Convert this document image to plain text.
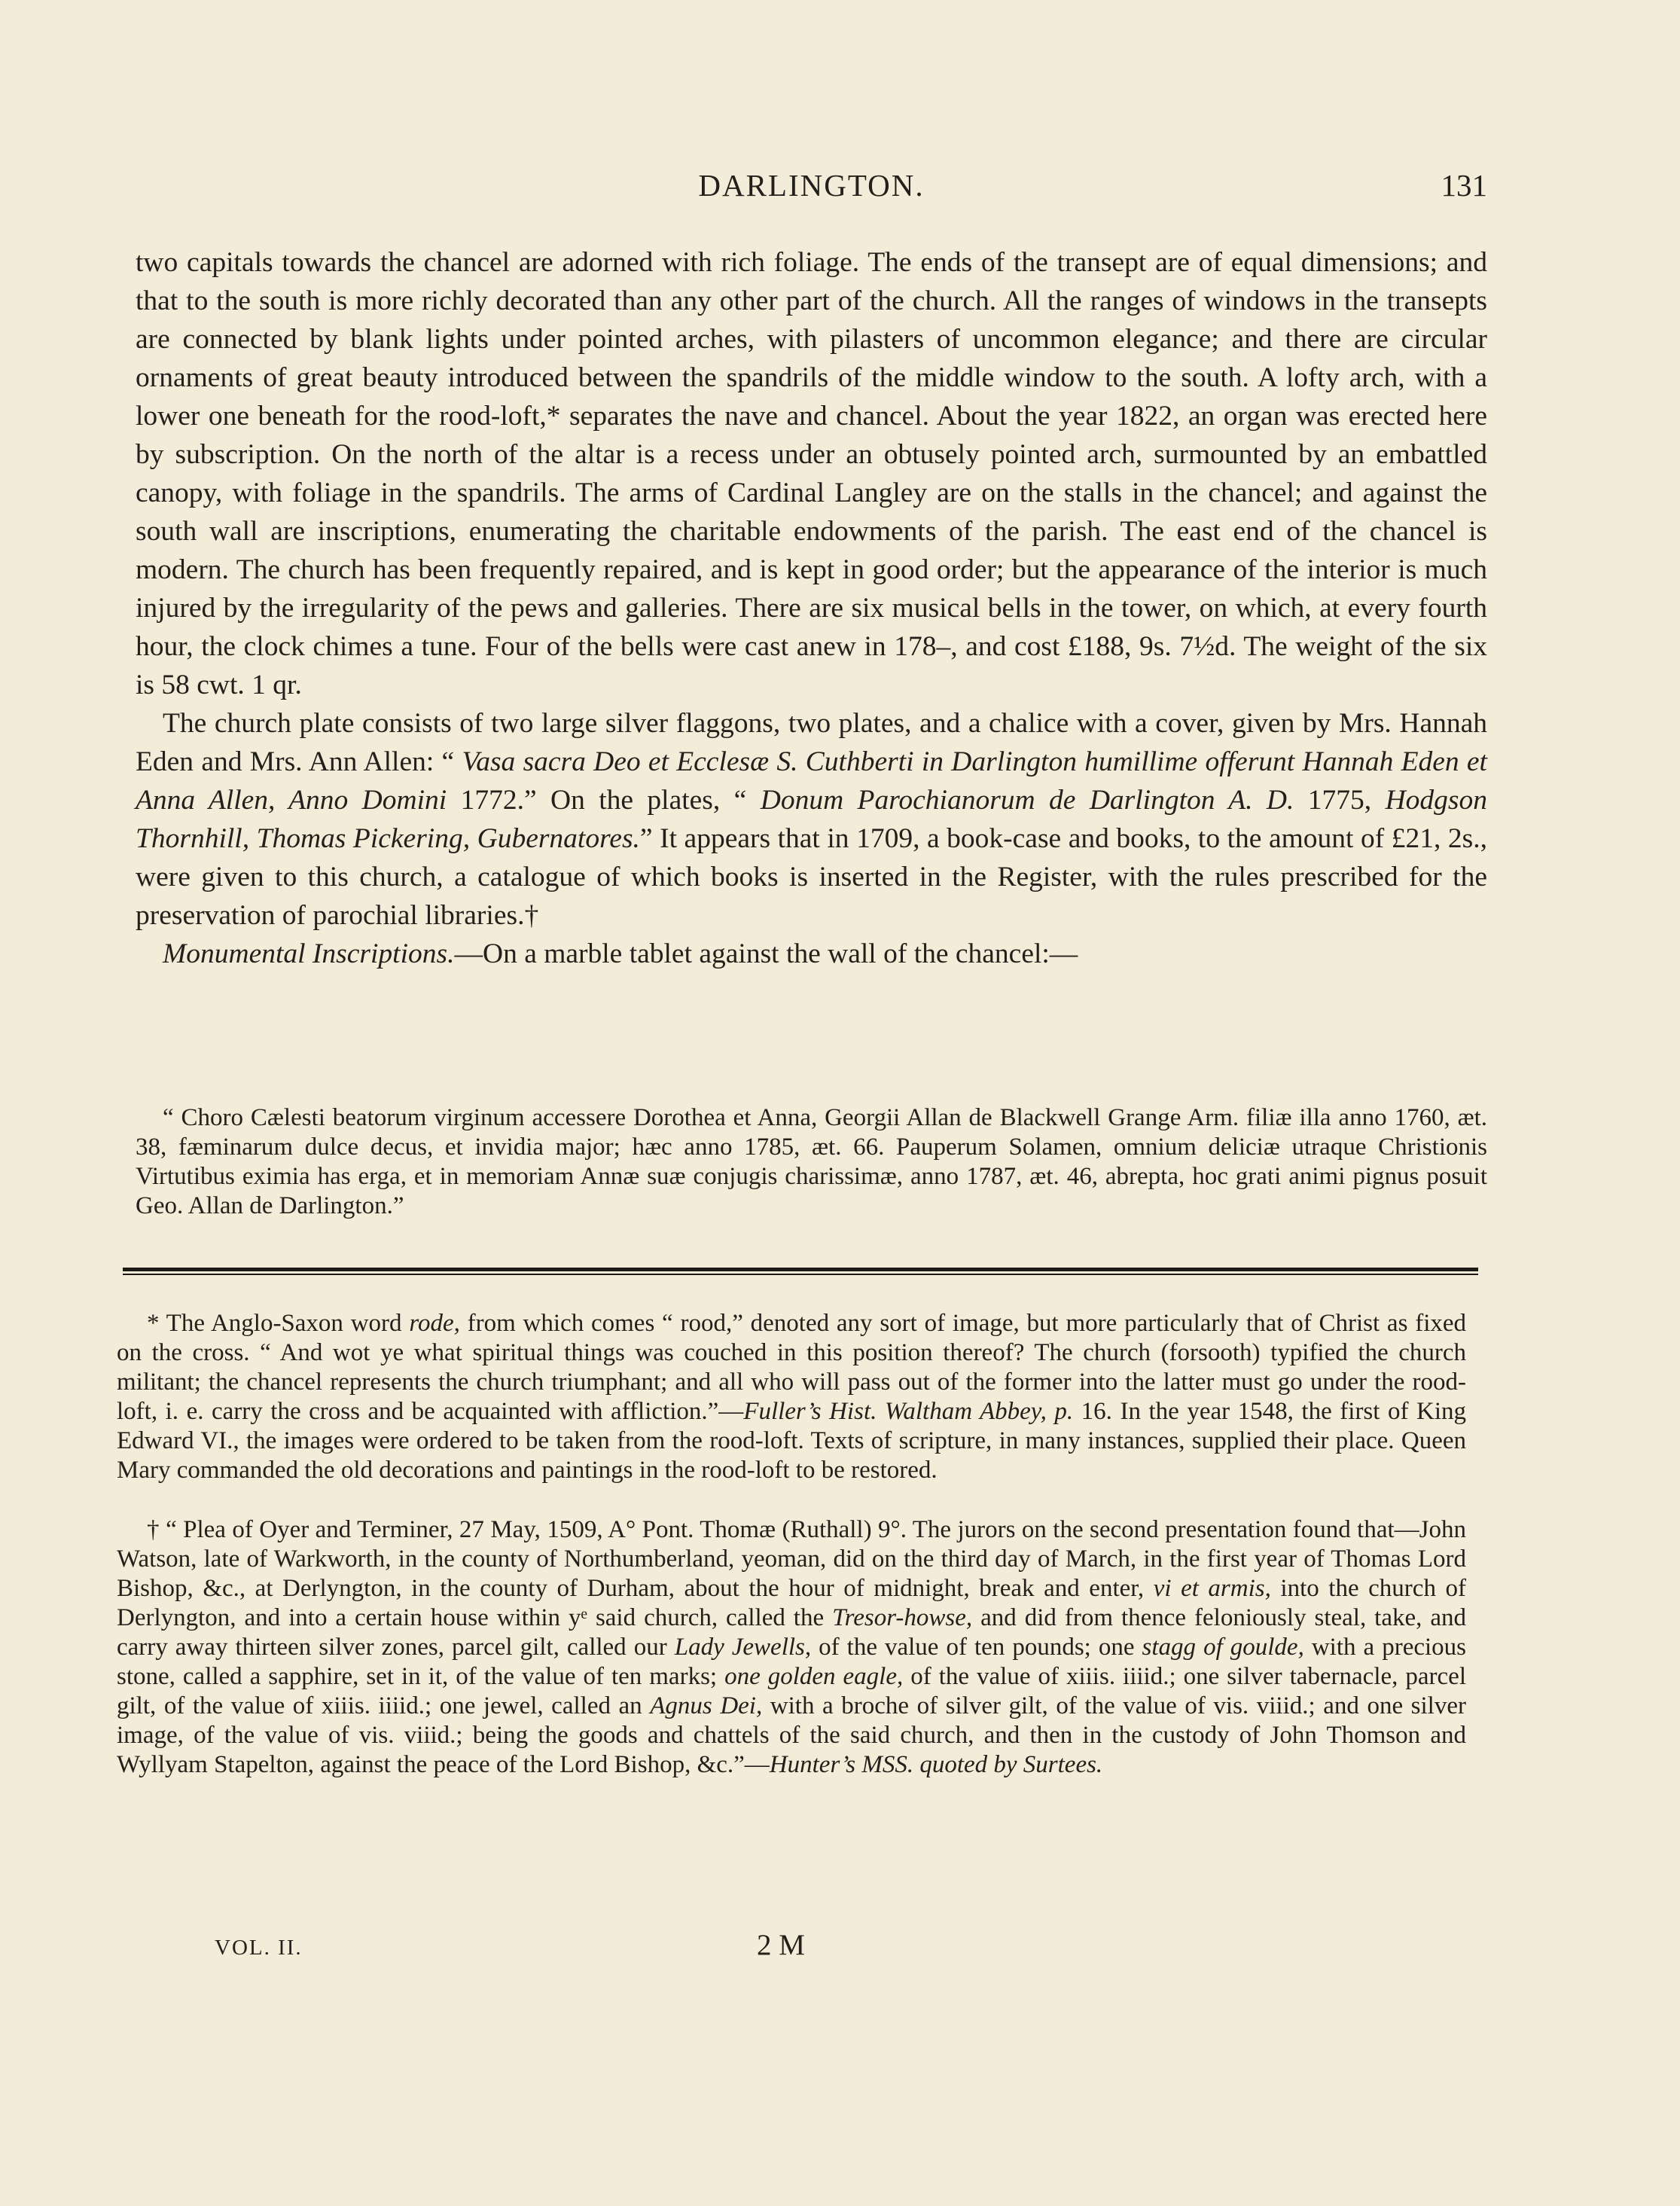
DARLINGTON.	131

two capitals towards the chancel are adorned with rich foliage. The ends of the transept are of equal dimensions; and that to the south is more richly decorated than any other part of the church. All the ranges of windows in the transepts are connected by blank lights under pointed arches, with pilasters of uncommon elegance; and there are circular ornaments of great beauty introduced between the spandrils of the middle window to the south. A lofty arch, with a lower one beneath for the rood-loft,* separates the nave and chancel. About the year 1822, an organ was erected here by subscription. On the north of the altar is a recess under an obtusely pointed arch, surmounted by an embattled canopy, with foliage in the spandrils. The arms of Cardinal Langley are on the stalls in the chancel; and against the south wall are inscriptions, enumerating the charitable endowments of the parish. The east end of the chancel is modern. The church has been frequently repaired, and is kept in good order; but the appearance of the interior is much injured by the irregularity of the pews and galleries. There are six musical bells in the tower, on which, at every fourth hour, the clock chimes a tune. Four of the bells were cast anew in 178–, and cost £188, 9s. 7½d. The weight of the six is 58 cwt. 1 qr.

The church plate consists of two large silver flaggons, two plates, and a chalice with a cover, given by Mrs. Hannah Eden and Mrs. Ann Allen: “ Vasa sacra Deo et Ecclesæ S. Cuthberti in Darlington humillime offerunt Hannah Eden et Anna Allen, Anno Domini 1772.” On the plates, “ Donum Parochianorum de Darlington A. D. 1775, Hodgson Thornhill, Thomas Pickering, Gubernatores.” It appears that in 1709, a book-case and books, to the amount of £21, 2s., were given to this church, a catalogue of which books is inserted in the Register, with the rules prescribed for the preservation of parochial libraries.†

Monumental Inscriptions.—On a marble tablet against the wall of the chancel:—

“ Choro Cælesti beatorum virginum accessere Dorothea et Anna, Georgii Allan de Blackwell Grange Arm. filiæ illa anno 1760, æt. 38, fæminarum dulce decus, et invidia major; hæc anno 1785, æt. 66. Pauperum Solamen, omnium deliciæ utraque Christionis Virtutibus eximia has erga, et in memoriam Annæ suæ conjugis charissimæ, anno 1787, æt. 46, abrepta, hoc grati animi pignus posuit Geo. Allan de Darlington.”

* The Anglo-Saxon word rode, from which comes “ rood,” denoted any sort of image, but more particularly that of Christ as fixed on the cross. “ And wot ye what spiritual things was couched in this position thereof? The church (forsooth) typified the church militant; the chancel represents the church triumphant; and all who will pass out of the former into the latter must go under the rood-loft, i. e. carry the cross and be acquainted with affliction.”—Fuller’s Hist. Waltham Abbey, p. 16. In the year 1548, the first of King Edward VI., the images were ordered to be taken from the rood-loft. Texts of scripture, in many instances, supplied their place. Queen Mary commanded the old decorations and paintings in the rood-loft to be restored.

† “ Plea of Oyer and Terminer, 27 May, 1509, A° Pont. Thomæ (Ruthall) 9°. The jurors on the second presentation found that—John Watson, late of Warkworth, in the county of Northumberland, yeoman, did on the third day of March, in the first year of Thomas Lord Bishop, &c., at Derlyngton, in the county of Durham, about the hour of midnight, break and enter, vi et armis, into the church of Derlyngton, and into a certain house within yᵉ said church, called the Tresor-howse, and did from thence feloniously steal, take, and carry away thirteen silver zones, parcel gilt, called our Lady Jewells, of the value of ten pounds; one stagg of goulde, with a precious stone, called a sapphire, set in it, of the value of ten marks; one golden eagle, of the value of xiiis. iiiid.; one silver tabernacle, parcel gilt, of the value of xiiis. iiiid.; one jewel, called an Agnus Dei, with a broche of silver gilt, of the value of vis. viiid.; and one silver image, of the value of vis. viiid.; being the goods and chattels of the said church, and then in the custody of John Thomson and Wyllyam Stapelton, against the peace of the Lord Bishop, &c.”—Hunter’s MSS. quoted by Surtees.

VOL. II.	2 M
